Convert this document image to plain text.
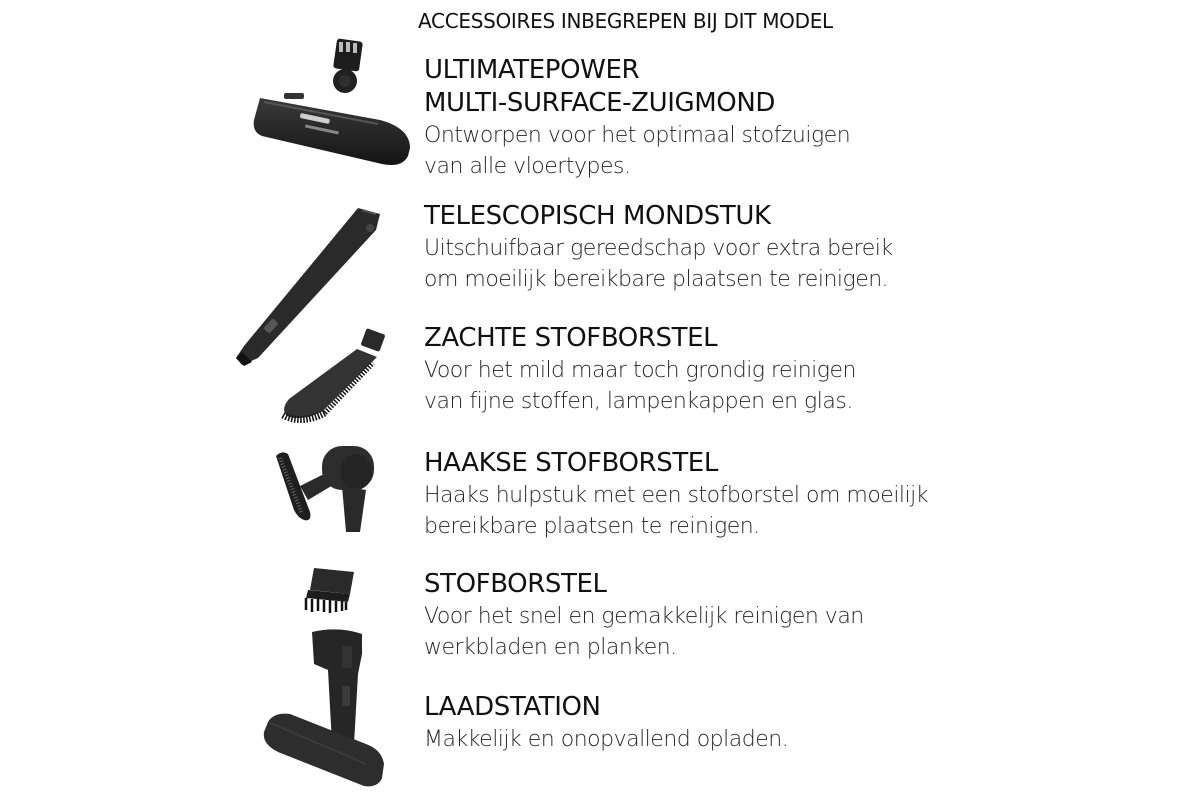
ACCESSOIRES INBEGREPEN BIJ DIT MODEL
ULTIMATEPOWER
MULTI-SURFACE-ZUIGMOND
Ontworpen voor het optimaal stofzuigen
van alle vloertypes.
TELESCOPISCH MONDSTUK
Uitschuifbaar gereedschap voor extra bereik
om moeilijk bereikbare plaatsen te reinigen.
ZACHTE STOFBORSTEL
Voor het mild maar toch grondig reinigen
van fijne stoffen, lampenkappen en glas.
HAAKSE STOFBORSTEL
Haaks hulpstuk met een stofborstel om moeilijk
bereikbare plaatsen te reinigen.
STOFBORSTEL
Voor het snel en gemakkelijk reinigen van
werkbladen en planken.
LAADSTATION
Makkelijk en onopvallend opladen.
